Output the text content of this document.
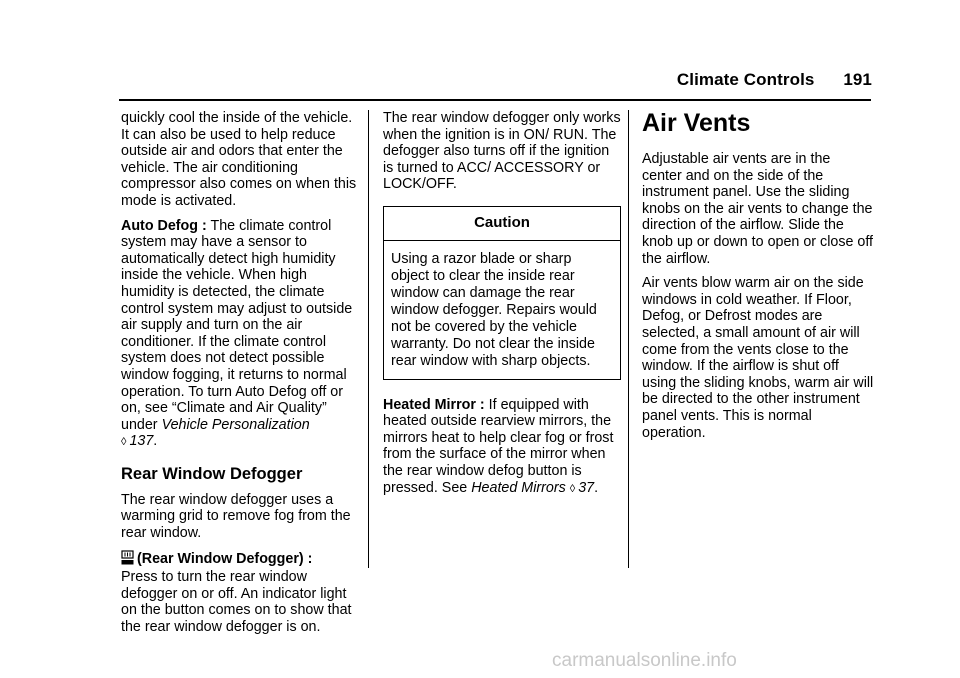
Climate Controls 191

quickly cool the inside of the vehicle. It can also be used to help reduce outside air and odors that enter the vehicle. The air conditioning compressor also comes on when this mode is activated.

Auto Defog : The climate control system may have a sensor to automatically detect high humidity inside the vehicle. When high humidity is detected, the climate control system may adjust to outside air supply and turn on the air conditioner. If the climate control system does not detect possible window fogging, it returns to normal operation. To turn Auto Defog off or on, see “Climate and Air Quality” under Vehicle Personalization
◊ 137.

Rear Window Defogger

The rear window defogger uses a warming grid to remove fog from the rear window.

(Rear Window Defogger) :
Press to turn the rear window defogger on or off. An indicator light on the button comes on to show that the rear window defogger is on.

The rear window defogger only works when the ignition is in ON/ RUN. The defogger also turns off if the ignition is turned to ACC/ ACCESSORY or LOCK/OFF.

Caution
Using a razor blade or sharp object to clear the inside rear window can damage the rear window defogger. Repairs would not be covered by the vehicle warranty. Do not clear the inside rear window with sharp objects.

Heated Mirror : If equipped with heated outside rearview mirrors, the mirrors heat to help clear fog or frost from the surface of the mirror when the rear window defog button is pressed. See Heated Mirrors ◊ 37.

Air Vents

Adjustable air vents are in the center and on the side of the instrument panel. Use the sliding knobs on the air vents to change the direction of the airflow. Slide the knob up or down to open or close off the airflow.

Air vents blow warm air on the side windows in cold weather. If Floor, Defog, or Defrost modes are selected, a small amount of air will come from the vents close to the window. If the airflow is shut off using the sliding knobs, warm air will be directed to the other instrument panel vents. This is normal operation.

carmanualsonline.info
